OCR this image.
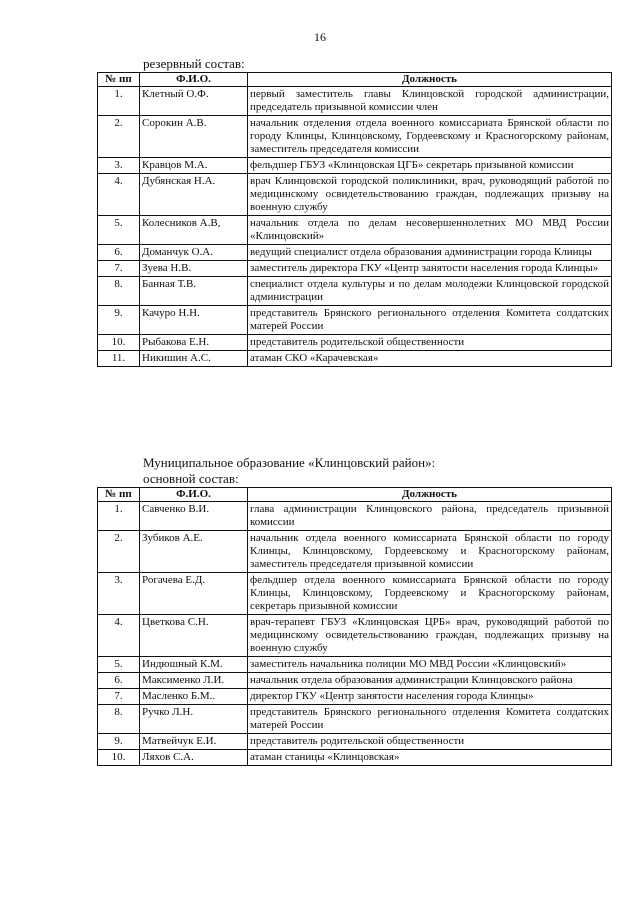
16
резервный состав:
№ пп	Ф.И.О.	Должность
1.	Клетный О.Ф.	первый заместитель главы Клинцовской городской администрации, председатель призывной комиссии член
2.	Сорокин А.В.	начальник отделения отдела военного комиссариата Брянской области по городу Клинцы, Клинцовскому, Гордеевскому и Красногорскому районам, заместитель председателя комиссии
3.	Кравцов М.А.	фельдшер ГБУЗ «Клинцовская ЦГБ» секретарь призывной комиссии
4.	Дубянская Н.А.	врач Клинцовской городской поликлиники, врач, руководящий работой по медицинскому освидетельствованию граждан, подлежащих призыву на военную службу
5.	Колесников А.В,	начальник отдела по делам несовершеннолетних МО МВД России «Клинцовский»
6.	Доманчук О.А.	ведущий специалист отдела образования администрации города Клинцы
7.	Зуева Н.В.	заместитель директора ГКУ «Центр занятости населения города Клинцы»
8.	Банная Т.В.	специалист отдела культуры и по делам молодежи Клинцовской городской администрации
9.	Качуро Н.Н.	представитель Брянского регионального отделения Комитета солдатских матерей России
10.	Рыбакова Е.Н.	представитель родительской общественности
11.	Никишин А.С.	атаман СКО «Карачевская»
Муниципальное образование «Клинцовский район»:
основной состав:
№ пп	Ф.И.О.	Должность
1.	Савченко В.И.	глава администрации Клинцовского района, председатель призывной комиссии
2.	Зубиков А.Е.	начальник отдела военного комиссариата Брянской области по городу Клинцы, Клинцовскому, Гордеевскому и Красногорскому районам, заместитель председателя призывной комиссии
3.	Рогачева Е.Д.	фельдшер отдела военного комиссариата Брянской области по городу Клинцы, Клинцовскому, Гордеевскому и Красногорскому районам, секретарь призывной комиссии
4.	Цветкова С.Н.	врач-терапевт ГБУЗ «Клинцовская ЦРБ» врач, руководящий работой по медицинскому освидетельствованию граждан, подлежащих призыву на военную службу
5.	Индюшный К.М.	заместитель начальника полиции МО МВД России «Клинцовский»
6.	Максименко Л.И.	начальник отдела образования администрации Клинцовского района
7.	Масленко Б.М..	директор ГКУ «Центр занятости населения города Клинцы»
8.	Ручко Л.Н.	представитель Брянского регионального отделения Комитета солдатских матерей России
9.	Матвейчук Е.И.	представитель родительской общественности
10.	Ляхов С.А.	атаман станицы «Клинцовская»
